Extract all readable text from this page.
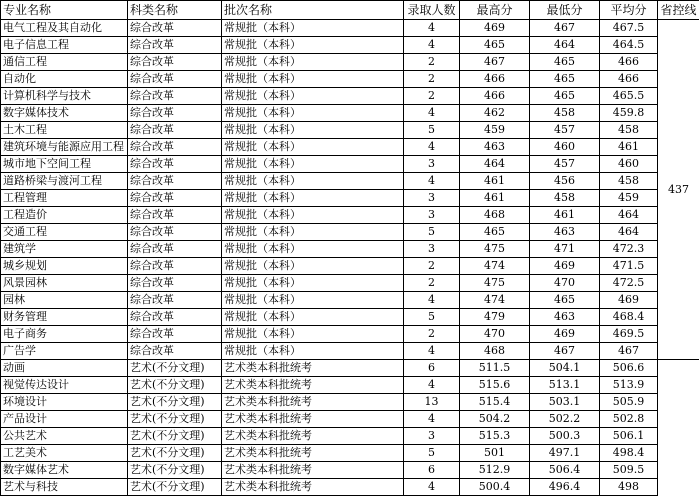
专业名称	科类名称	批次名称	录取人数	最高分	最低分	平均分	省控线
电气工程及其自动化	综合改革	常规批（本科）	4	469	467	467.5	437
电子信息工程	综合改革	常规批（本科）	4	465	464	464.5	
通信工程	综合改革	常规批（本科）	2	467	465	466	
自动化	综合改革	常规批（本科）	2	466	465	466	
计算机科学与技术	综合改革	常规批（本科）	2	466	465	465.5	
数字媒体技术	综合改革	常规批（本科）	4	462	458	459.8	
土木工程	综合改革	常规批（本科）	5	459	457	458	
建筑环境与能源应用工程	综合改革	常规批（本科）	4	463	460	461	
城市地下空间工程	综合改革	常规批（本科）	3	464	457	460	
道路桥梁与渡河工程	综合改革	常规批（本科）	4	461	456	458	
工程管理	综合改革	常规批（本科）	3	461	458	459	
工程造价	综合改革	常规批（本科）	3	468	461	464	
交通工程	综合改革	常规批（本科）	5	465	463	464	
建筑学	综合改革	常规批（本科）	3	475	471	472.3	
城乡规划	综合改革	常规批（本科）	2	474	469	471.5	
风景园林	综合改革	常规批（本科）	2	475	470	472.5	
园林	综合改革	常规批（本科）	4	474	465	469	
财务管理	综合改革	常规批（本科）	5	479	463	468.4	
电子商务	综合改革	常规批（本科）	2	470	469	469.5	
广告学	综合改革	常规批（本科）	4	468	467	467	
动画	艺术(不分文理)	艺术类本科批统考	6	511.5	504.1	506.6	
视觉传达设计	艺术(不分文理)	艺术类本科批统考	4	515.6	513.1	513.9	
环境设计	艺术(不分文理)	艺术类本科批统考	13	515.4	503.1	505.9	
产品设计	艺术(不分文理)	艺术类本科批统考	4	504.2	502.2	502.8	
公共艺术	艺术(不分文理)	艺术类本科批统考	3	515.3	500.3	506.1	
工艺美术	艺术(不分文理)	艺术类本科批统考	5	501	497.1	498.4	
数字媒体艺术	艺术(不分文理)	艺术类本科批统考	6	512.9	506.4	509.5	
艺术与科技	艺术(不分文理)	艺术类本科批统考	4	500.4	496.4	498	
